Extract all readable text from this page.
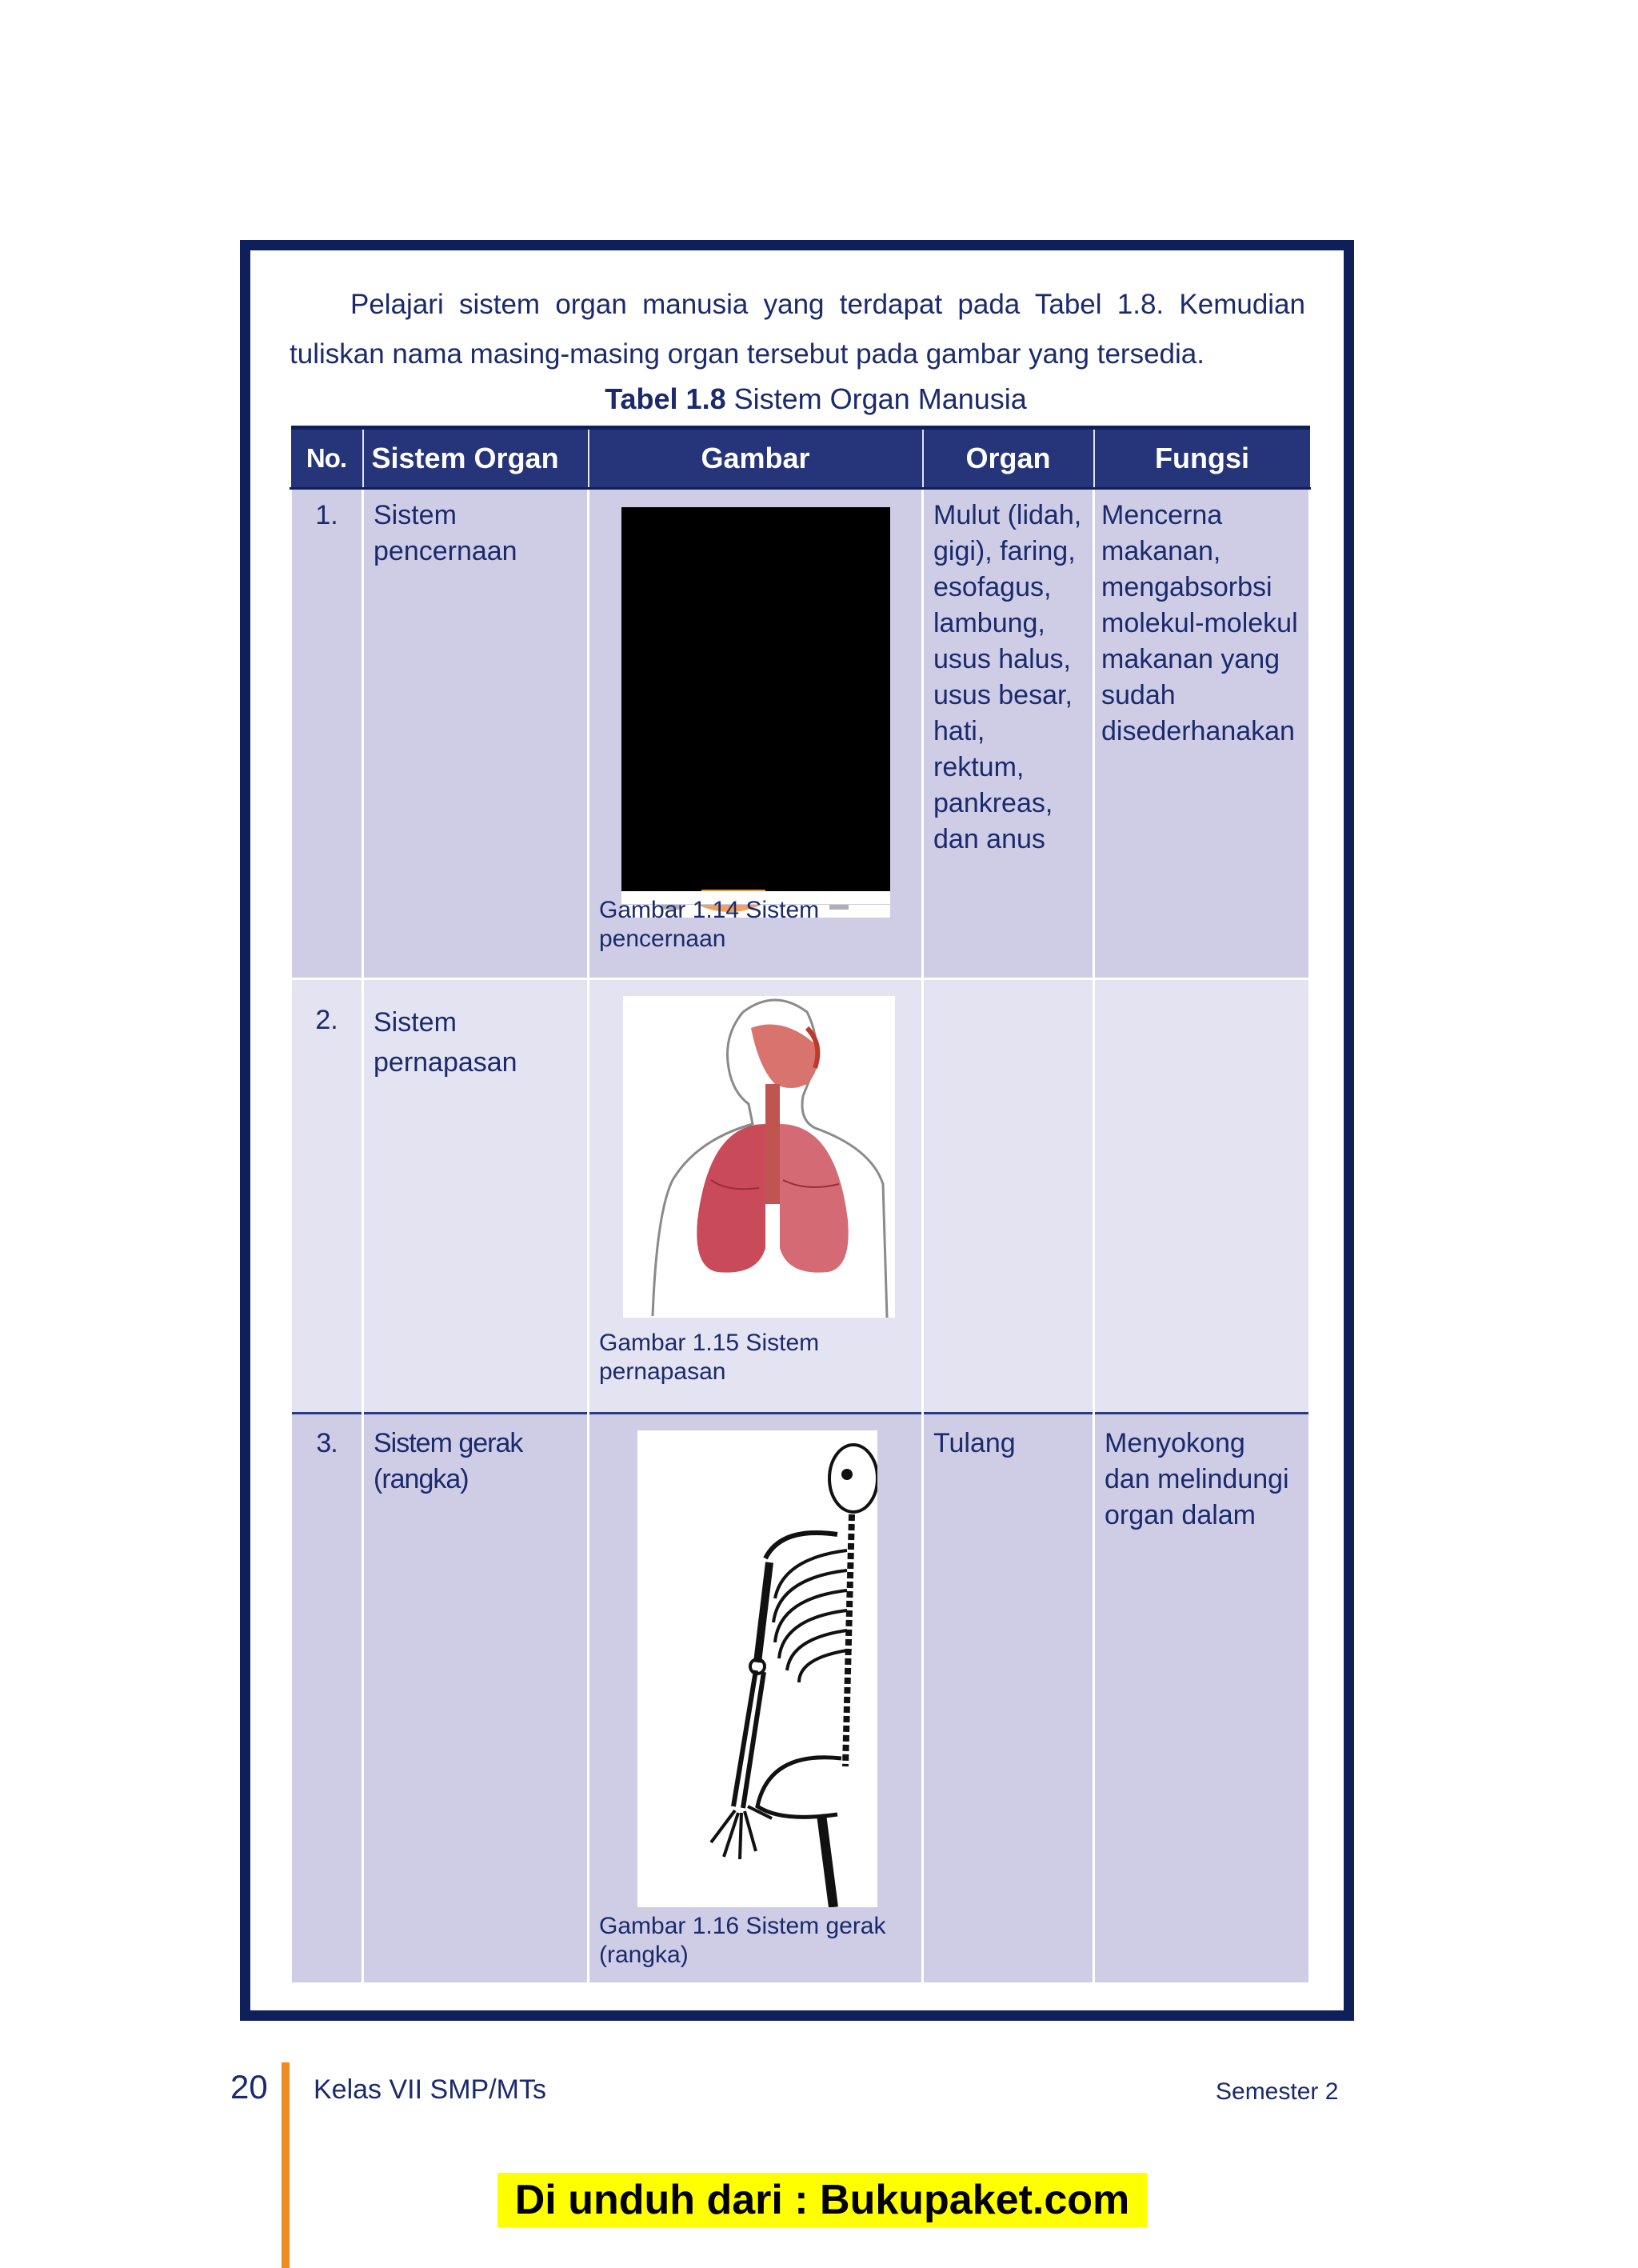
Pelajari sistem organ manusia yang terdapat pada Tabel 1.8. Kemudian tuliskan nama masing-masing organ tersebut pada gambar yang tersedia.

Tabel 1.8 Sistem Organ Manusia
No.	Sistem Organ	Gambar	Organ	Fungsi
1.	Sistem pencernaan	Gambar 1.14 Sistem pencernaan	Mulut (lidah, gigi), faring, esofagus, lambung, usus halus, usus besar, hati, rektum, pankreas, dan anus	Mencerna makanan, mengabsorbsi molekul-molekul makanan yang sudah disederhanakan
2.	Sistem pernapasan	Gambar 1.15 Sistem pernapasan		

3.	Sistem gerak (rangka)	Gambar 1.16 Sistem gerak (rangka)	Tulang	Menyokong dan melindungi organ dalam
20 Kelas VII SMP/MTs	Semester 2
Di unduh dari : Bukupaket.com
